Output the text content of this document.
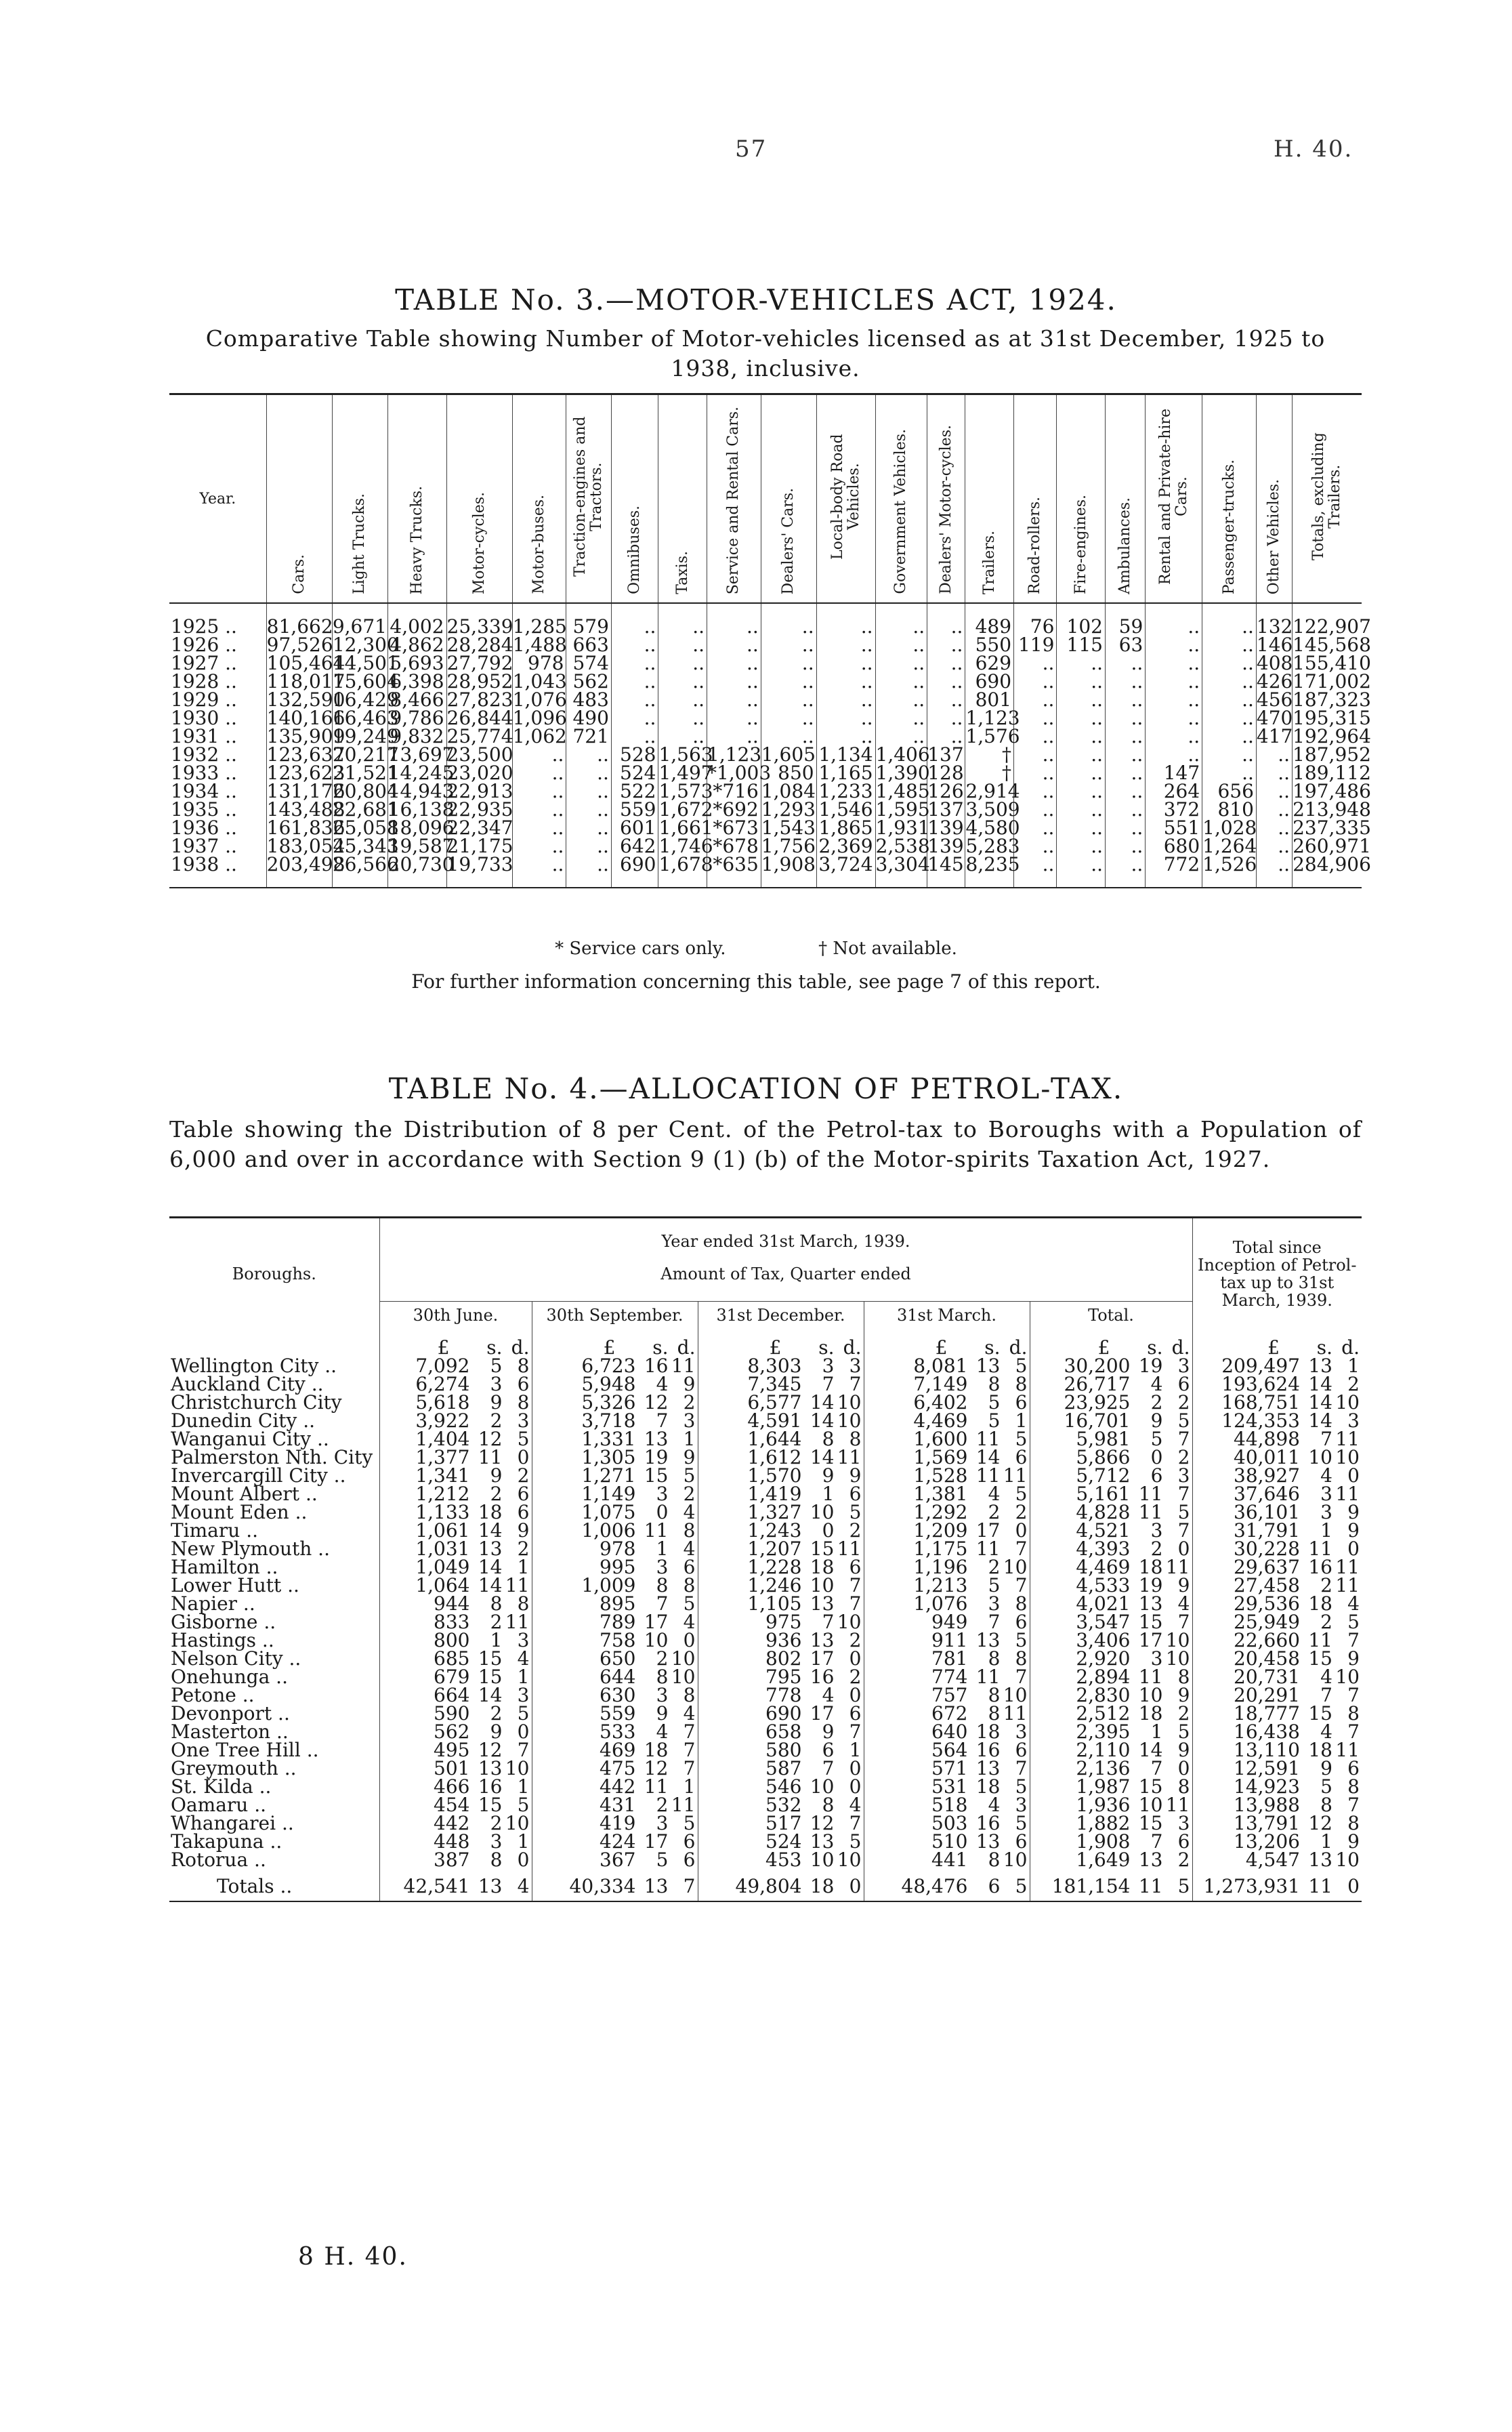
57	H. 40.
TABLE No. 3.—MOTOR-VEHICLES ACT, 1924.
Comparative Table showing Number of Motor-vehicles licensed as at 31st December, 1925 to 1938, inclusive.
Year.	Cars.	Light Trucks.	Heavy Trucks.	Motor-cycles.	Motor-buses.	Traction-engines and Tractors.	Omnibuses.	Taxis.	Service and Rental Cars.	Dealers' Cars.	Local-body Road Vehicles.	Government Vehicles.	Dealers' Motor-cycles.	Trailers.	Road-rollers.	Fire-engines.	Ambulances.	Rental and Private-hire Cars.	Passenger-trucks.	Other Vehicles.	Totals, excluding Trailers.

1925 ..	81,662	9,671	4,002	25,339	1,285	579	..	..	..	..	..	..	..	489	76	102	59	..	..	132	122,907
1926 ..	97,526	12,300	4,862	28,284	1,488	663	..	..	..	..	..	..	..	550	119	115	63	..	..	146	145,568
1927 ..	105,464	14,501	5,693	27,792	978	574	..	..	..	..	..	..	..	629	..	..	..	..	..	408	155,410
1928 ..	118,017	15,604	6,398	28,952	1,043	562	..	..	..	..	..	..	..	690	..	..	..	..	..	426	171,002
1929 ..	132,590	16,429	8,466	27,823	1,076	483	..	..	..	..	..	..	..	801	..	..	..	..	..	456	187,323
1930 ..	140,166	16,463	9,786	26,844	1,096	490	..	..	..	..	..	..	..	1,123	..	..	..	..	..	470	195,315
1931 ..	135,909	19,249	9,832	25,774	1,062	721	..	..	..	..	..	..	..	1,576	..	..	..	..	..	417	192,964
1932 ..	123,637	20,217	13,697	23,500	..	..	528	1,563	1,123	1,605	1,134	1,406	137	†	..	..	..	..	..	..	187,952
1933 ..	123,623	21,521	14,245	23,020	..	..	524	1,497	*1,003	850	1,165	1,390	128	†	..	..	..	147	..	..	189,112
1934 ..	131,176	20,804	14,943	22,913	..	..	522	1,573	*716	1,084	1,233	1,485	126	2,914	..	..	..	264	656	..	197,486
1935 ..	143,488	22,681	16,138	22,935	..	..	559	1,672	*692	1,293	1,546	1,595	137	3,509	..	..	..	372	810	..	213,948
1936 ..	161,836	25,058	18,096	22,347	..	..	601	1,661	*673	1,543	1,865	1,931	139	4,580	..	..	..	551	1,028	..	237,335
1937 ..	183,054	25,343	19,587	21,175	..	..	642	1,746	*678	1,756	2,369	2,538	139	5,283	..	..	..	680	1,264	..	260,971
1938 ..	203,498	26,566	20,730	19,733	..	..	690	1,678	*635	1,908	3,724	3,304	145	8,235	..	..	..	772	1,526	..	284,906

* Service cars only.	† Not available.
For further information concerning this table, see page 7 of this report.
TABLE No. 4.—ALLOCATION OF PETROL-TAX.
Table showing the Distribution of 8 per Cent. of the Petrol-tax to Boroughs with a Population of 6,000 and over in accordance with Section 9 (1) (b) of the Motor-spirits Taxation Act, 1927.
Boroughs.	Year ended 31st March, 1939.					Total since Inception of Petrol-tax up to 31st March, 1939.
	Amount of Tax, Quarter ended					
	30th June.	30th September.	31st December.	31st March.	Total.	

	£ s. d.	£ s. d.	£ s. d.	£ s. d.	£ s. d.	£ s. d.

Wellington City ..	7,092 5 8	6,723 16 11	8,303 3 3	8,081 13 5	30,200 19 3	209,497 13 1

Auckland City ..	6,274 3 6	5,948 4 9	7,345 7 7	7,149 8 8	26,717 4 6	193,624 14 2

Christchurch City	5,618 9 8	5,326 12 2	6,577 14 10	6,402 5 6	23,925 2 2	168,751 14 10

Dunedin City ..	3,922 2 3	3,718 7 3	4,591 14 10	4,469 5 1	16,701 9 5	124,353 14 3

Wanganui City ..	1,404 12 5	1,331 13 1	1,644 8 8	1,600 11 5	5,981 5 7	44,898 7 11

Palmerston Nth. City	1,377 11 0	1,305 19 9	1,612 14 11	1,569 14 6	5,866 0 2	40,011 10 10

Invercargill City ..	1,341 9 2	1,271 15 5	1,570 9 9	1,528 11 11	5,712 6 3	38,927 4 0

Mount Albert ..	1,212 2 6	1,149 3 2	1,419 1 6	1,381 4 5	5,161 11 7	37,646 3 11

Mount Eden ..	1,133 18 6	1,075 0 4	1,327 10 5	1,292 2 2	4,828 11 5	36,101 3 9

Timaru ..	1,061 14 9	1,006 11 8	1,243 0 2	1,209 17 0	4,521 3 7	31,791 1 9

New Plymouth ..	1,031 13 2	978 1 4	1,207 15 11	1,175 11 7	4,393 2 0	30,228 11 0

Hamilton ..	1,049 14 1	995 3 6	1,228 18 6	1,196 2 10	4,469 18 11	29,637 16 11

Lower Hutt ..	1,064 14 11	1,009 8 8	1,246 10 7	1,213 5 7	4,533 19 9	27,458 2 11

Napier ..	944 8 8	895 7 5	1,105 13 7	1,076 3 8	4,021 13 4	29,536 18 4

Gisborne ..	833 2 11	789 17 4	975 7 10	949 7 6	3,547 15 7	25,949 2 5

Hastings ..	800 1 3	758 10 0	936 13 2	911 13 5	3,406 17 10	22,660 11 7

Nelson City ..	685 15 4	650 2 10	802 17 0	781 8 8	2,920 3 10	20,458 15 9

Onehunga ..	679 15 1	644 8 10	795 16 2	774 11 7	2,894 11 8	20,731 4 10

Petone ..	664 14 3	630 3 8	778 4 0	757 8 10	2,830 10 9	20,291 7 7

Devonport ..	590 2 5	559 9 4	690 17 6	672 8 11	2,512 18 2	18,777 15 8

Masterton ..	562 9 0	533 4 7	658 9 7	640 18 3	2,395 1 5	16,438 4 7

One Tree Hill ..	495 12 7	469 18 7	580 6 1	564 16 6	2,110 14 9	13,110 18 11

Greymouth ..	501 13 10	475 12 7	587 7 0	571 13 7	2,136 7 0	12,591 9 6

St. Kilda ..	466 16 1	442 11 1	546 10 0	531 18 5	1,987 15 8	14,923 5 8

Oamaru ..	454 15 5	431 2 11	532 8 4	518 4 3	1,936 10 11	13,988 8 7

Whangarei ..	442 2 10	419 3 5	517 12 7	503 16 5	1,882 15 3	13,791 12 8

Takapuna ..	448 3 1	424 17 6	524 13 5	510 13 6	1,908 7 6	13,206 1 9

Rotorua ..	387 8 0	367 5 6	453 10 10	441 8 10	1,649 13 2	4,547 13 10

Totals ..	42,541 13 4	40,334 13 7	49,804 18 0	48,476 6 5	181,154 11 5	1,273,931 11 0
8 H. 40.
